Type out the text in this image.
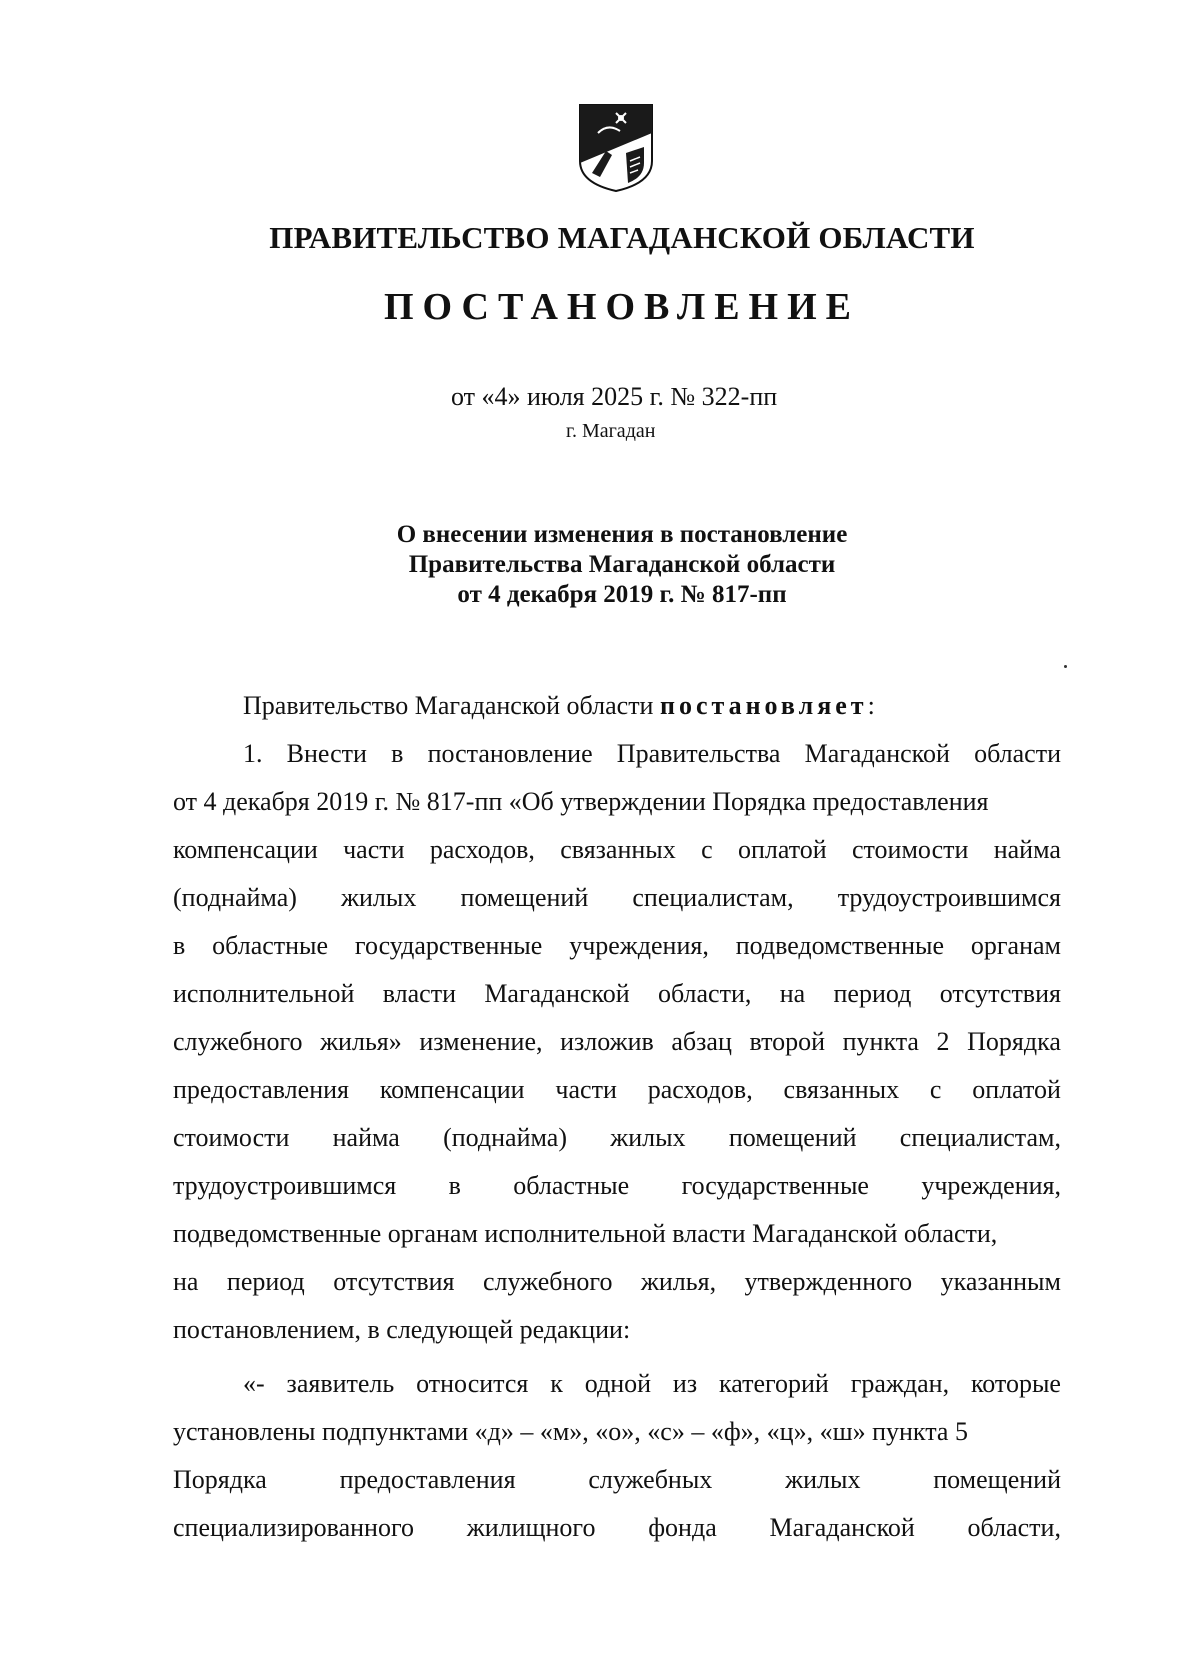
ПРАВИТЕЛЬСТВО МАГАДАНСКОЙ ОБЛАСТИ
ПОСТАНОВЛЕНИЕ
от «4» июля 2025 г. № 322-пп
г. Магадан
О внесении изменения в постановление
Правительства Магаданской области
от 4 декабря 2019 г. № 817-пп
Правительство Магаданской области постановляет :
1. Внести в постановление Правительства Магаданской области
от 4 декабря 2019 г. № 817-пп «Об утверждении Порядка предоставления
компенсации части расходов, связанных с оплатой стоимости найма
(поднайма) жилых помещений специалистам, трудоустроившимся
в областные государственные учреждения, подведомственные органам
исполнительной власти Магаданской области, на период отсутствия
служебного жилья» изменение, изложив абзац второй пункта 2 Порядка
предоставления компенсации части расходов, связанных с оплатой
стоимости найма (поднайма) жилых помещений специалистам,
трудоустроившимся в областные государственные учреждения,
подведомственные органам исполнительной власти Магаданской области,
на период отсутствия служебного жилья, утвержденного указанным
постановлением, в следующей редакции:
«- заявитель относится к одной из категорий граждан, которые
установлены подпунктами «д» – «м», «о», «с» – «ф», «ц», «ш» пункта 5
Порядка	предоставления	служебных	жилых	помещений
специализированного жилищного фонда Магаданской области,
